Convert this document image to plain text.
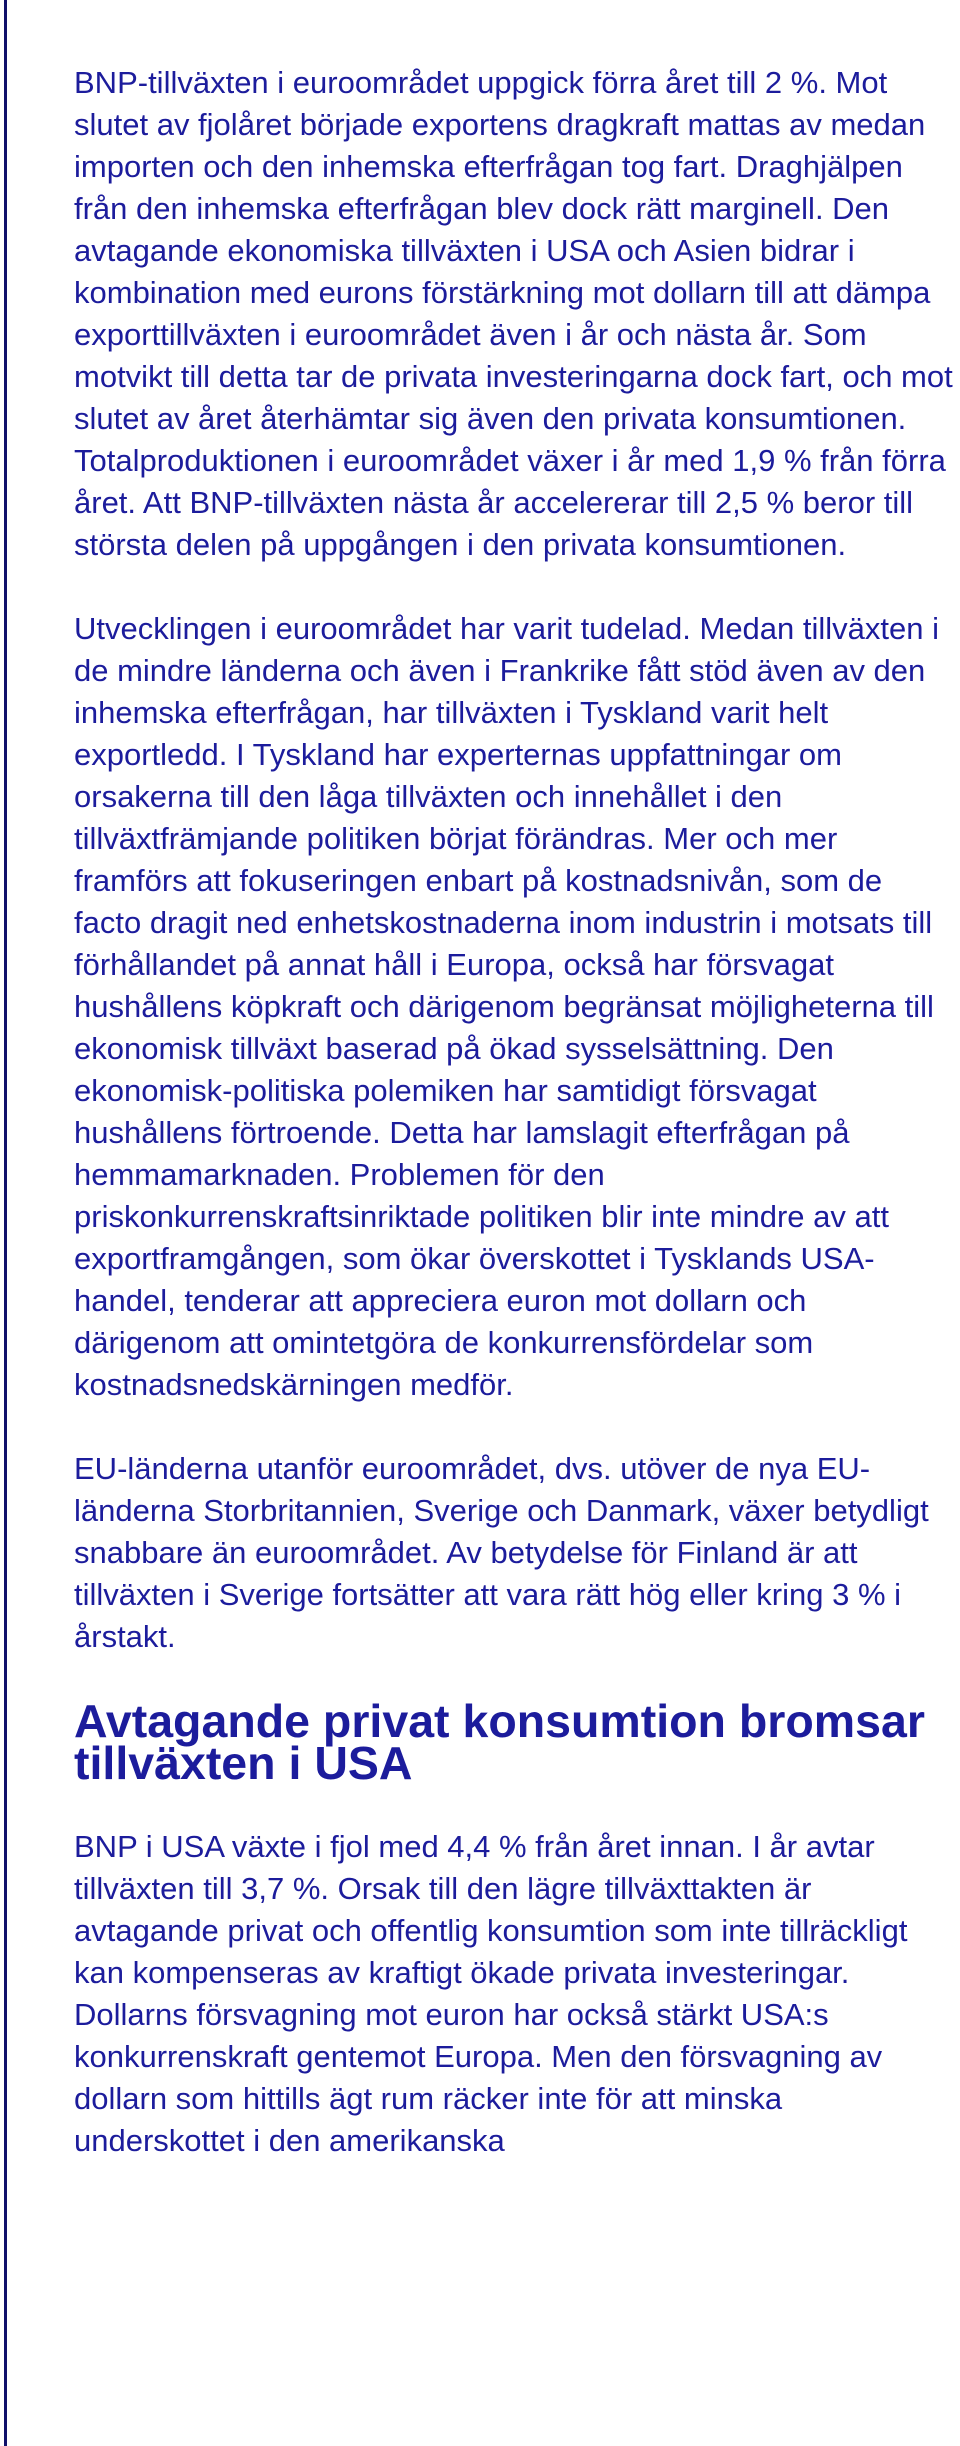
BNP-tillväxten i euroområdet uppgick förra året till 2 %. Mot slutet av fjolåret började exportens dragkraft mattas av medan importen och den inhemska efterfrågan tog fart. Draghjälpen från den inhemska efterfrågan blev dock rätt marginell. Den avtagande ekonomiska tillväxten i USA och Asien bidrar i kombination med eurons förstärkning mot dollarn till att dämpa exporttillväxten i euroområdet även i år och nästa år. Som motvikt till detta tar de privata investeringarna dock fart, och mot slutet av året återhämtar sig även den privata konsumtionen. Totalproduktionen i euroområdet växer i år med 1,9 % från förra året. Att BNP-tillväxten nästa år accelererar till 2,5 % beror till största delen på uppgången i den privata konsumtionen.

Utvecklingen i euroområdet har varit tudelad. Medan tillväxten i de mindre länderna och även i Frankrike fått stöd även av den inhemska efterfrågan, har tillväxten i Tyskland varit helt exportledd. I Tyskland har experternas uppfattningar om orsakerna till den låga tillväxten och innehållet i den tillväxtfrämjande politiken börjat förändras. Mer och mer framförs att fokuseringen enbart på kostnadsnivån, som de facto dragit ned enhetskostnaderna inom industrin i motsats till förhållandet på annat håll i Europa, också har försvagat hushållens köpkraft och därigenom begränsat möjligheterna till ekonomisk tillväxt baserad på ökad sysselsättning. Den ekonomisk-politiska polemiken har samtidigt försvagat hushållens förtroende. Detta har lamslagit efterfrågan på hemmamarknaden. Problemen för den priskonkurrenskraftsinriktade politiken blir inte mindre av att exportframgången, som ökar överskottet i Tysklands USA-handel, tenderar att appreciera euron mot dollarn och därigenom att omintetgöra de konkurrensfördelar som kostnadsnedskärningen medför.

EU-länderna utanför euroområdet, dvs. utöver de nya EU-länderna Storbritannien, Sverige och Danmark, växer betydligt snabbare än euroområdet. Av betydelse för Finland är att tillväxten i Sverige fortsätter att vara rätt hög eller kring 3 % i årstakt.

Avtagande privat konsumtion bromsar tillväxten i USA

BNP i USA växte i fjol med 4,4 % från året innan. I år avtar tillväxten till 3,7 %. Orsak till den lägre tillväxttakten är avtagande privat och offentlig konsumtion som inte tillräckligt kan kompenseras av kraftigt ökade privata investeringar. Dollarns försvagning mot euron har också stärkt USA:s konkurrenskraft gentemot Europa. Men den försvagning av dollarn som hittills ägt rum räcker inte för att minska underskottet i den amerikanska
